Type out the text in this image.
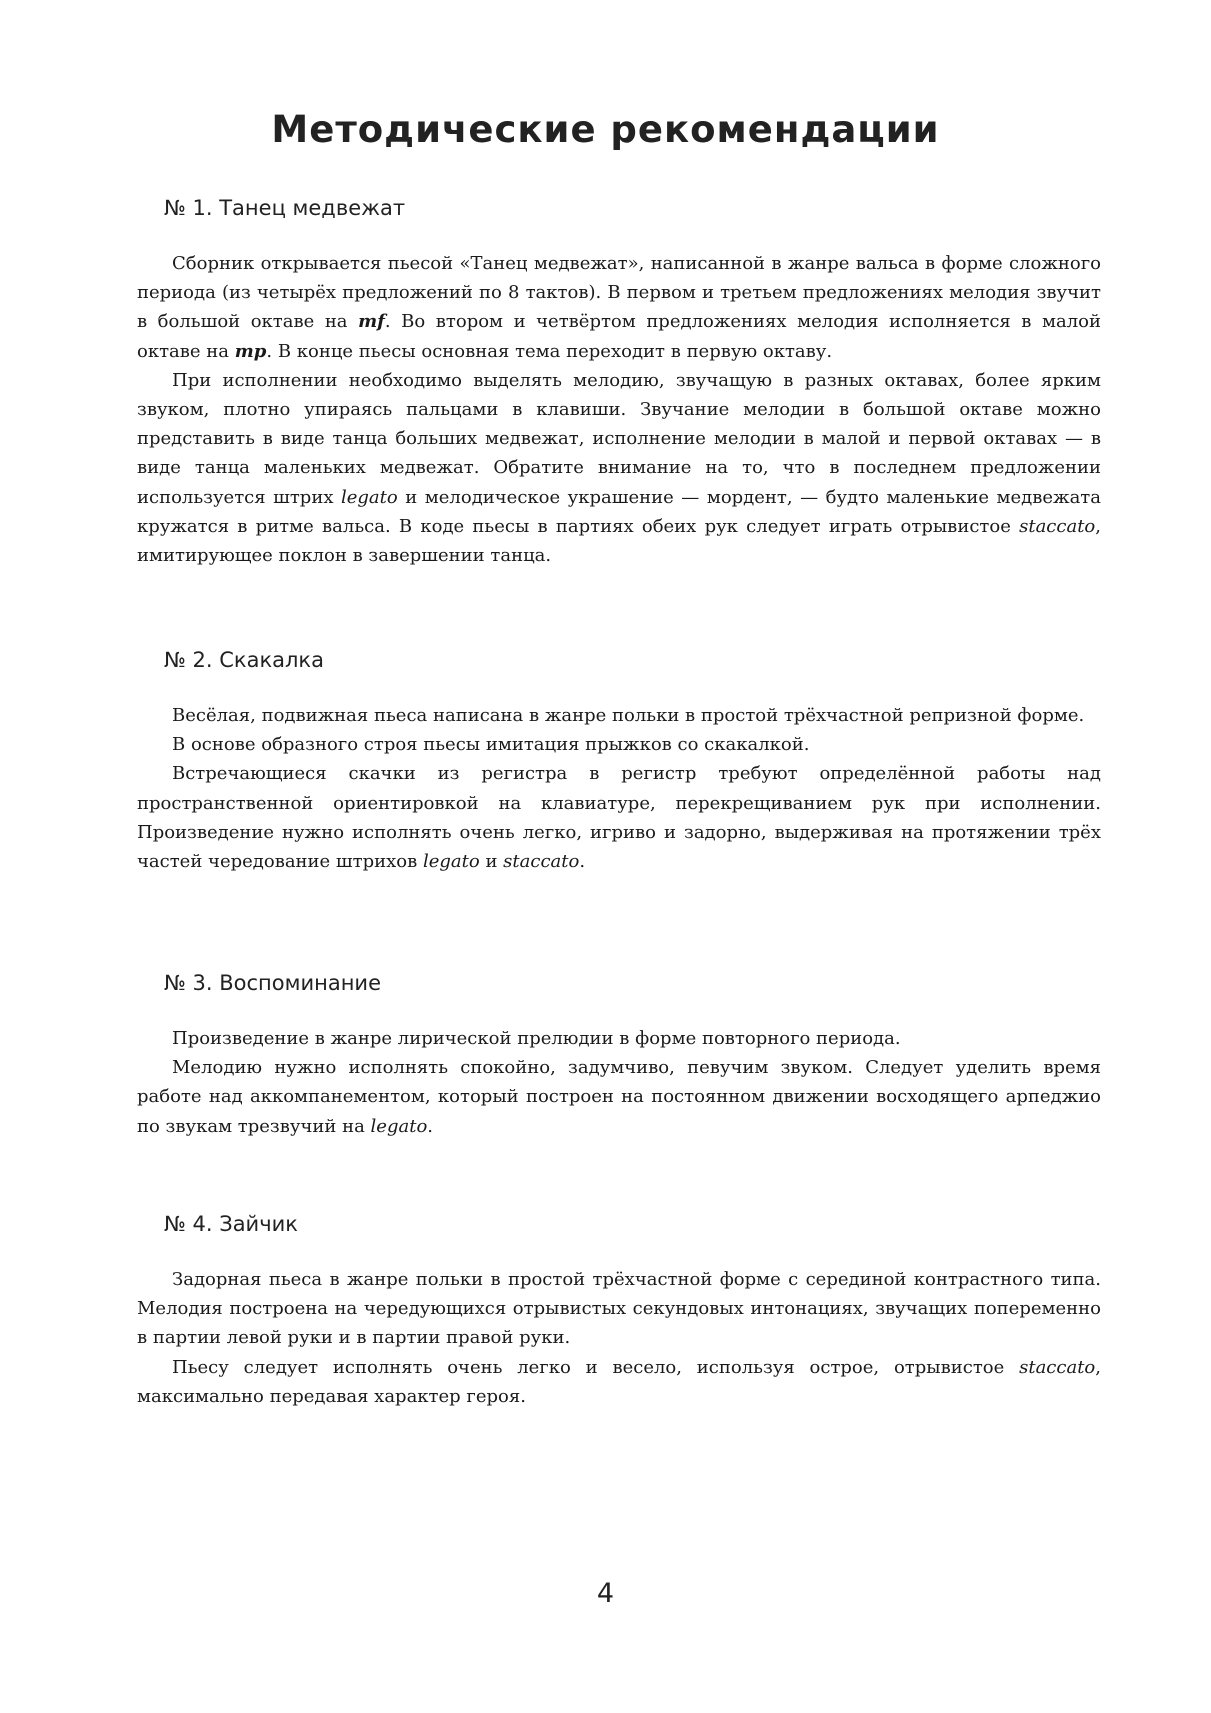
Методические рекомендации
№ 1. Танец медвежат

Сборник открывается пьесой «Танец медвежат», написанной в жанре вальса в форме сложного периода (из четырёх предложений по 8 тактов). В первом и третьем предложениях мелодия звучит в большой октаве на mf. Во втором и четвёртом предложениях мелодия исполняется в малой октаве на mp. В конце пьесы основная тема переходит в первую октаву.

При исполнении необходимо выделять мелодию, звучащую в разных октавах, более ярким звуком, плотно упираясь пальцами в клавиши. Звучание мелодии в большой октаве можно представить в виде танца больших медвежат, исполнение мелодии в малой и первой октавах — в виде танца маленьких медвежат. Обратите внимание на то, что в последнем предложении используется штрих legato и мелодическое украшение — мордент, — будто маленькие медвежата кружатся в ритме вальса. В коде пьесы в партиях обеих рук следует играть отрывистое staccato, имитирующее поклон в завершении танца.

№ 2. Скакалка

Весёлая, подвижная пьеса написана в жанре польки в простой трёхчастной репризной форме.

В основе образного строя пьесы имитация прыжков со скакалкой.

Встречающиеся скачки из регистра в регистр требуют определённой работы над пространственной ориентировкой на клавиатуре, перекрещиванием рук при исполнении. Произведение нужно исполнять очень легко, игриво и задорно, выдерживая на протяжении трёх частей чередование штрихов legato и staccato.

№ 3. Воспоминание

Произведение в жанре лирической прелюдии в форме повторного периода.

Мелодию нужно исполнять спокойно, задумчиво, певучим звуком. Следует уделить время работе над аккомпанементом, который построен на постоянном движении восходящего арпеджио по звукам трезвучий на legato.

№ 4. Зайчик

Задорная пьеса в жанре польки в простой трёхчастной форме с серединой контрастного типа. Мелодия построена на чередующихся отрывистых секундовых интонациях, звучащих попеременно в партии левой руки и в партии правой руки.

Пьесу следует исполнять очень легко и весело, используя острое, отрывистое staccato, максимально передавая характер героя.

4
